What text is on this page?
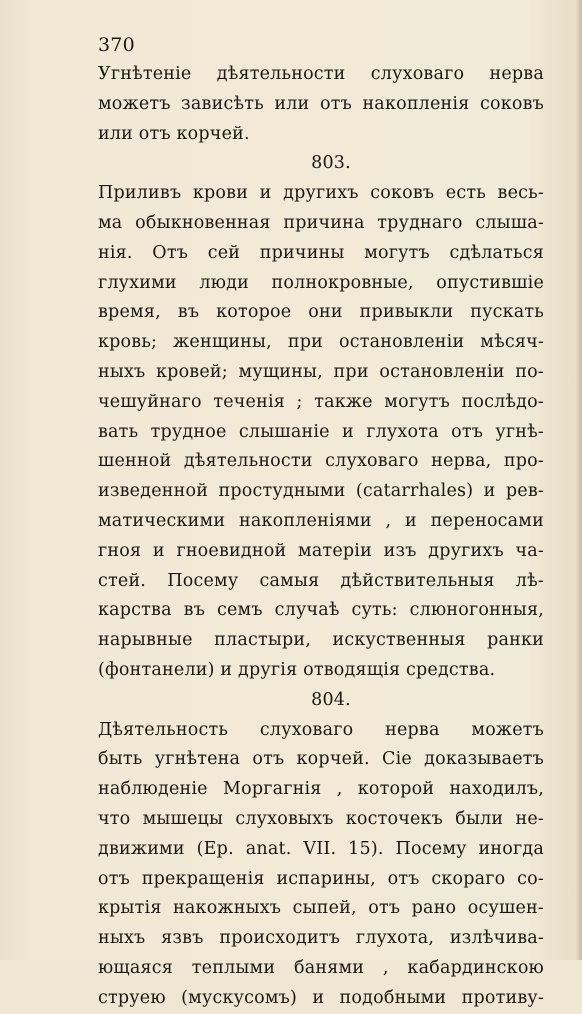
370
Угнѣтеніе дѣятельности слуховаго нерва
можетъ зависѣть или отъ накопленія соковъ
или отъ корчей.
803.
Приливъ крови и другихъ соковъ есть весь-
ма обыкновенная причина труднаго слыша-
нія. Отъ сей причины могутъ сдѣлаться
глухими люди полнокровные, опустившіе
время, въ которое они привыкли пускать
кровь; женщины, при остановленіи мѣсяч-
ныхъ кровей; мущины, при остановленіи по-
чешуйнаго теченія ; также могутъ послѣдо-
вать трудное слышаніе и глухота отъ угнѣ-
шенной дѣятельности слуховаго нерва, про-
изведенной простудными (catarrhales) и рев-
матическими накопленіями , и переносами
гноя и гноевидной матеріи изъ другихъ ча-
стей. Посему самыя дѣйствительныя лѣ-
карства въ семъ случаѣ суть: слюногонныя,
нарывные пластыри, искуственныя ранки
(фонтанели) и другія отводящія средства.
804.
Дѣятельность слуховаго нерва можетъ
быть угнѣтена отъ корчей. Сіе доказываетъ
наблюденіе Моргагнія , которой находилъ,
что мышецы слуховыхъ косточекъ были не-
движими (Ep. anat. VII. 15). Посему иногда
отъ прекращенія испарины, отъ скораго со-
крытія накожныхъ сыпей, отъ рано осушен-
ныхъ язвъ происходитъ глухота, излѣчива-
ющаяся теплыми банями , кабардинскою
струею (мускусомъ) и подобными противу-
